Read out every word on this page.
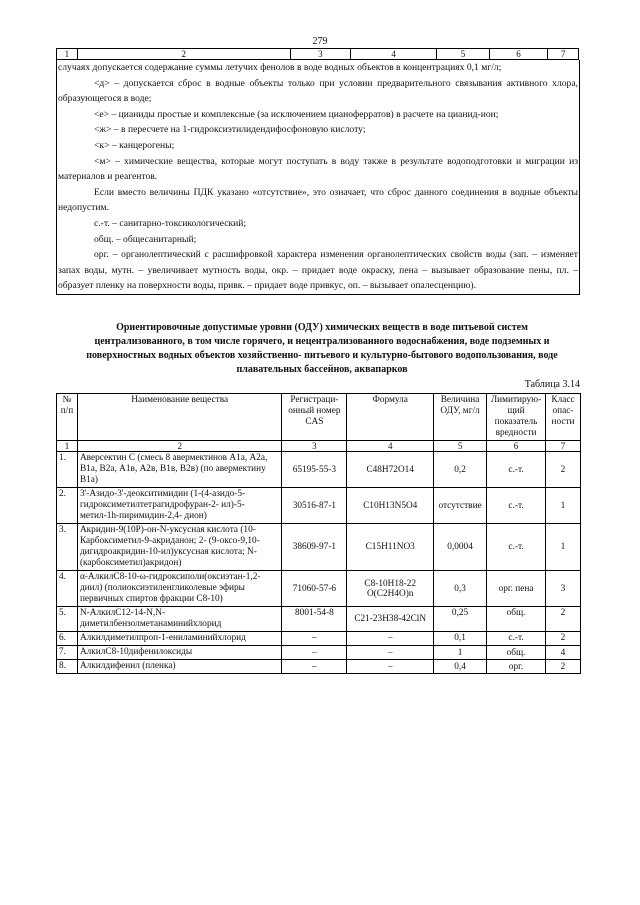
279
1	2	3	4	5	6	7

случаях допускается содержание суммы летучих фенолов в воде водных объектов в концентрациях 0,1 мг/л;

<д> – допускается сброс в водные объекты только при условии предварительного связывания активного хлора, образующегося в воде;

<е> – цианиды простые и комплексные (за исключением цианоферратов) в расчете на цианид-ион;

<ж> – в пересчете на 1-гидроксиэтилидендифосфоновую кислоту;

<к> – канцерогены;

<м> – химические вещества, которые могут поступать в воду также в результате водоподготовки и миграции из материалов и реагентов.

Если вместо величины ПДК указано «отсутствие», это означает, что сброс данного соединения в водные объекты недопустим.

с.-т. – санитарно-токсикологический;

общ. – общесанитарный;

орг. – органолептический с расшифровкой характера изменения органолептических свойств воды (зап. – изменяет запах воды, мутн. – увеличивает мутность воды, окр. – придает воде окраску, пена – вызывает образование пены, пл. – образует пленку на поверхности воды, привк. – придает воде привкус, оп. – вызывает опалесценцию).

Ориентировочные допустимые уровни (ОДУ) химических веществ в воде питьевой систем централизованного, в том числе горячего, и нецентрализованного водоснабжения, воде подземных и поверхностных водных объектов хозяйственно- питьевого и культурно-бытового водопользования, воде плавательных бассейнов, аквапарков
Таблица 3.14
№ п/п	Наименование вещества	Регистраци-онный номер CAS	Формула	Величина ОДУ, мг/л	Лимитирую-щий показатель вредности	Класс опас-ности
1	2	3	4	5	6	7
1.	Аверсектин С (смесь 8 авермектинов А1а, А2а, В1а, В2а, А1в, А2в, В1в, В2в) (по авермектину В1а)	65195-55-3	C48H72O14	0,2	с.-т.	2
2.	3'-Азидо-3'-деокситимидин (1-(4-азидо-5-гидроксиметилтетрагидрофуран-2- ил)-5-метил-1h-пиримидин-2,4- дион)	30516-87-1	C10H13N5O4	отсутствие	с.-т.	1
3.	Акридин-9(10Р)-он-N-уксусная кислота (10-Карбоксиметил-9-акриданон; 2- (9-оксо-9,10-дигидроакридин-10-ил)уксусная кислота; N-(карбоксиметил)акридон)	38609-97-1	C15H11NO3	0,0004	с.-т.	1
4.	α-АлкилС8-10-ω-гидроксиполи(оксиэтан-1,2-диил) (полиоксиэтиленгликолевые эфиры первичных спиртов фракции С8-10)	71060-57-6	C8-10H18-22 O(C2H4O)n	0,3	орг. пена	3
5.	N-АлкилС12-14-N,N-диметилбензолметанаминийхлорид	8001-54-8	C21-23H38-42ClN	0,25	общ.	2
6.	Алкилдиметилпроп-1-ениламинийхлорид	–	–	0,1	с.-т.	2
7.	АлкилС8-10дифенилоксиды	–	–	1	общ.	4
8.	Алкилдифенил (пленка)	–	–	0,4	орг.	2
